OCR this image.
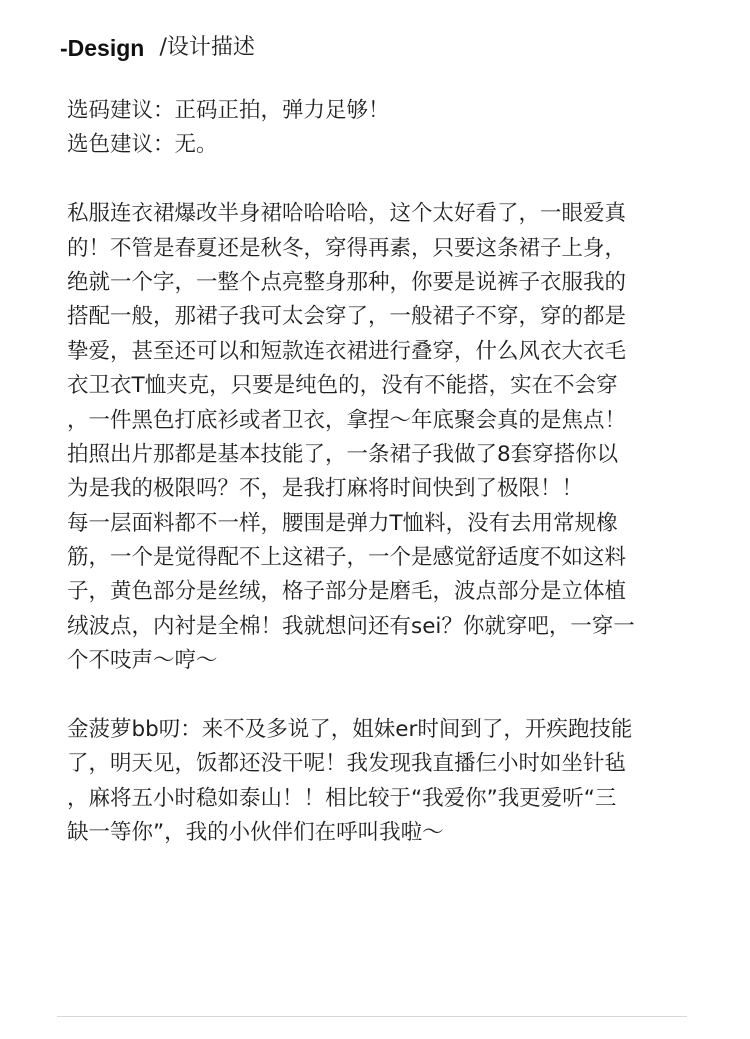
-Design /设计描述
选码建议：正码正拍，弹力足够！
选色建议：无。
私服连衣裙爆改半身裙哈哈哈哈，这个太好看了，一眼爱真
的！不管是春夏还是秋冬，穿得再素，只要这条裙子上身，
绝就一个字，一整个点亮整身那种，你要是说裤子衣服我的
搭配一般，那裙子我可太会穿了，一般裙子不穿，穿的都是
挚爱，甚至还可以和短款连衣裙进行叠穿，什么风衣大衣毛
衣卫衣T恤夹克，只要是纯色的，没有不能搭，实在不会穿
，一件黑色打底衫或者卫衣，拿捏～年底聚会真的是焦点！
拍照出片那都是基本技能了，一条裙子我做了8套穿搭你以
为是我的极限吗？不，是我打麻将时间快到了极限！！
每一层面料都不一样，腰围是弹力T恤料，没有去用常规橡
筋，一个是觉得配不上这裙子，一个是感觉舒适度不如这料
子，黄色部分是丝绒，格子部分是磨毛，波点部分是立体植
绒波点，内衬是全棉！我就想问还有sei？你就穿吧，一穿一
个不吱声～哼～
金菠萝bb叨：来不及多说了，姐妹er时间到了，开疾跑技能
了，明天见，饭都还没干呢！我发现我直播仨小时如坐针毡
，麻将五小时稳如泰山！！相比较于“我爱你”我更爱听“三
缺一等你”，我的小伙伴们在呼叫我啦～
